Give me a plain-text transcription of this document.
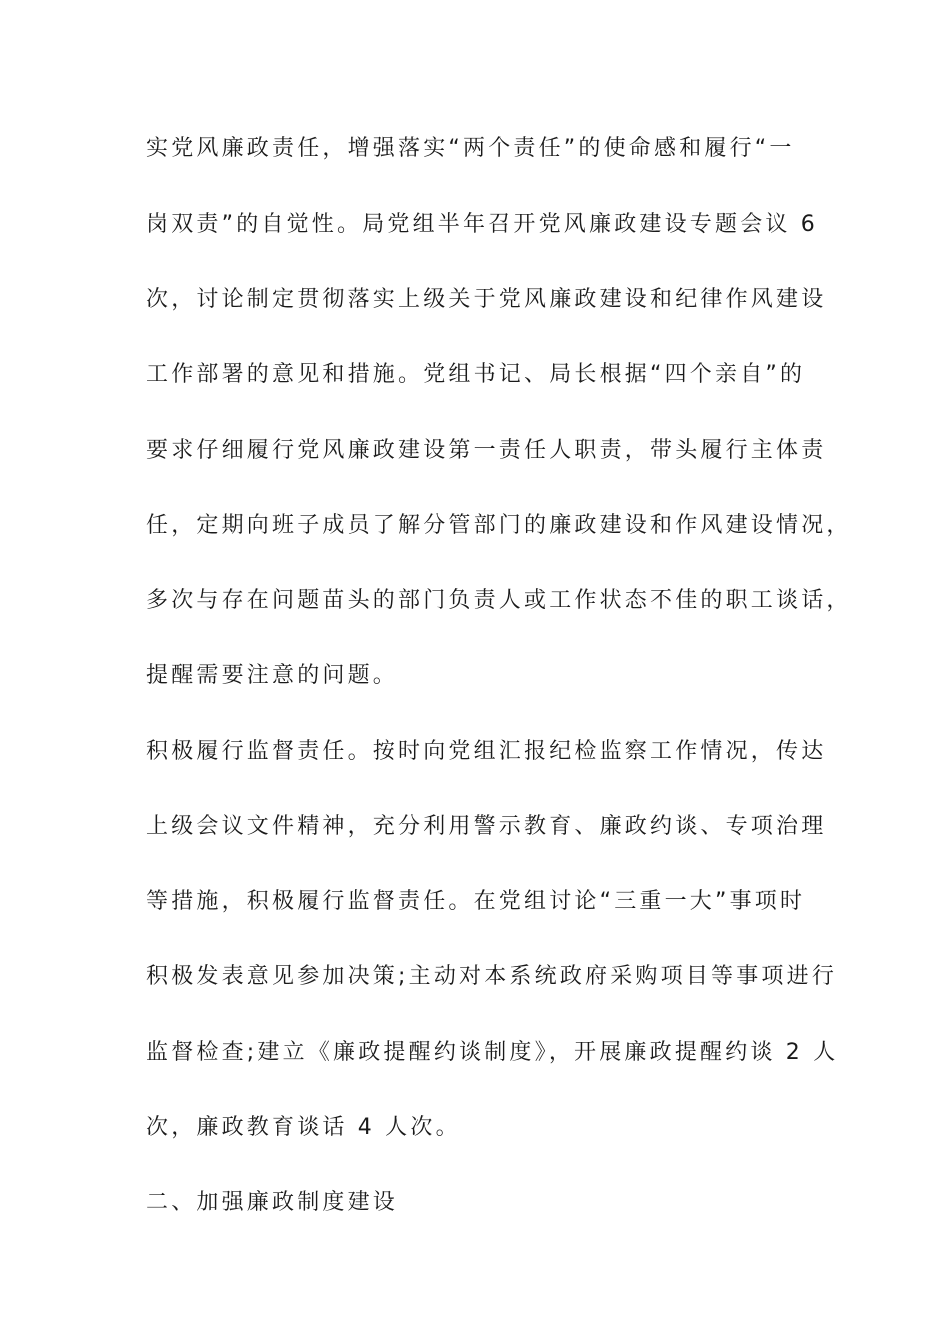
实党风廉政责任，增强落实“两个责任”的使命感和履行“一
岗双责”的自觉性。局党组半年召开党风廉政建设专题会议 6
次，讨论制定贯彻落实上级关于党风廉政建设和纪律作风建设
工作部署的意见和措施。党组书记、局长根据“四个亲自”的
要求仔细履行党风廉政建设第一责任人职责，带头履行主体责
任，定期向班子成员了解分管部门的廉政建设和作风建设情况，
多次与存在问题苗头的部门负责人或工作状态不佳的职工谈话，
提醒需要注意的问题。
积极履行监督责任。按时向党组汇报纪检监察工作情况，传达
上级会议文件精神，充分利用警示教育、廉政约谈、专项治理
等措施，积极履行监督责任。在党组讨论“三重一大”事项时
积极发表意见参加决策;主动对本系统政府采购项目等事项进行
监督检查;建立《廉政提醒约谈制度》，开展廉政提醒约谈 2 人
次，廉政教育谈话 4 人次。
二、加强廉政制度建设
